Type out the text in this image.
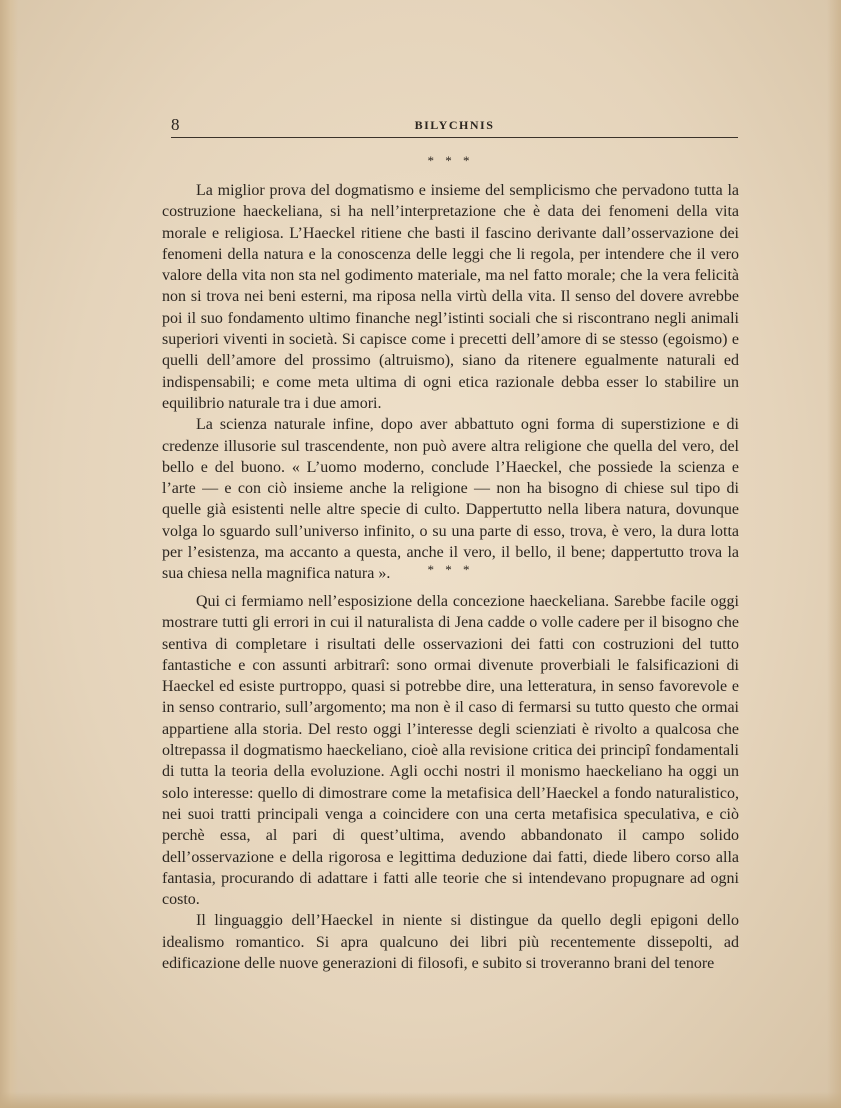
8	BILYCHNIS
* * *

La miglior prova del dogmatismo e insieme del semplicismo che pervadono tutta la costruzione haeckeliana, si ha nell’interpretazione che è data dei fenomeni della vita morale e religiosa. L’Haeckel ritiene che basti il fascino derivante dall’osservazione dei fenomeni della natura e la conoscenza delle leggi che li regola, per intendere che il vero valore della vita non sta nel godimento materiale, ma nel fatto morale; che la vera felicità non si trova nei beni esterni, ma riposa nella virtù della vita. Il senso del dovere avrebbe poi il suo fondamento ultimo finanche negl’istinti sociali che si riscontrano negli animali superiori viventi in società. Si capisce come i precetti dell’amore di se stesso (egoismo) e quelli dell’amore del prossimo (altruismo), siano da ritenere egualmente naturali ed indispensabili; e come meta ultima di ogni etica razionale debba esser lo stabilire un equilibrio naturale tra i due amori.

La scienza naturale infine, dopo aver abbattuto ogni forma di superstizione e di credenze illusorie sul trascendente, non può avere altra religione che quella del vero, del bello e del buono. « L’uomo moderno, conclude l’Haeckel, che possiede la scienza e l’arte — e con ciò insieme anche la religione — non ha bisogno di chiese sul tipo di quelle già esistenti nelle altre specie di culto. Dappertutto nella libera natura, dovunque volga lo sguardo sull’universo infinito, o su una parte di esso, trova, è vero, la dura lotta per l’esistenza, ma accanto a questa, anche il vero, il bello, il bene; dappertutto trova la sua chiesa nella magnifica natura ».	* * *

Qui ci fermiamo nell’esposizione della concezione haeckeliana. Sarebbe facile oggi mostrare tutti gli errori in cui il naturalista di Jena cadde o volle cadere per il bisogno che sentiva di completare i risultati delle osservazioni dei fatti con costruzioni del tutto fantastiche e con assunti arbitrarî: sono ormai divenute proverbiali le falsificazioni di Haeckel ed esiste purtroppo, quasi si potrebbe dire, una letteratura, in senso favorevole e in senso contrario, sull’argomento; ma non è il caso di fermarsi su tutto questo che ormai appartiene alla storia. Del resto oggi l’interesse degli scienziati è rivolto a qualcosa che oltrepassa il dogmatismo haeckeliano, cioè alla revisione critica dei principî fondamentali di tutta la teoria della evoluzione. Agli occhi nostri il monismo haeckeliano ha oggi un solo interesse: quello di dimostrare come la metafisica dell’Haeckel a fondo naturalistico, nei suoi tratti principali venga a coincidere con una certa metafisica speculativa, e ciò perchè essa, al pari di quest’ultima, avendo abbandonato il campo solido dell’osservazione e della rigorosa e legittima deduzione dai fatti, diede libero corso alla fantasia, procurando di adattare i fatti alle teorie che si intendevano propugnare ad ogni costo.

Il linguaggio dell’Haeckel in niente si distingue da quello degli epigoni dello idealismo romantico. Si apra qualcuno dei libri più recentemente dissepolti, ad edificazione delle nuove generazioni di filosofi, e subito si troveranno brani del tenore
